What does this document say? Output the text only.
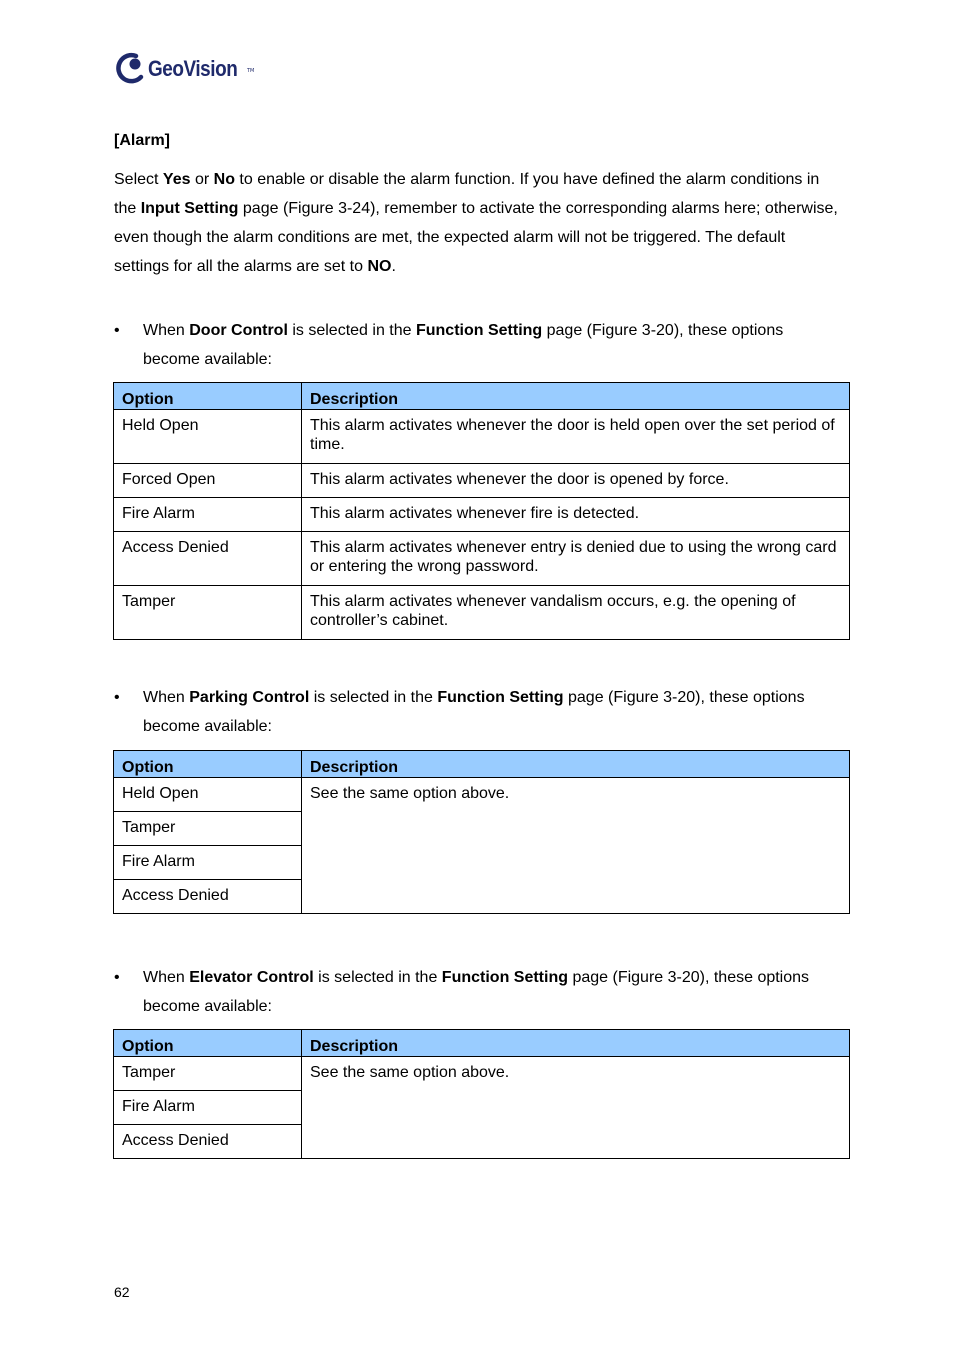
GeoVision TM
[Alarm]
Select Yes or No to enable or disable the alarm function. If you have defined the alarm conditions in the Input Setting page (Figure 3-24), remember to activate the corresponding alarms here; otherwise, even though the alarm conditions are met, the expected alarm will not be triggered. The default settings for all the alarms are set to NO.
• When Door Control is selected in the Function Setting page (Figure 3-20), these options become available:
Option	Description
Held Open	This alarm activates whenever the door is held open over the set period of time.
Forced Open	This alarm activates whenever the door is opened by force.
Fire Alarm	This alarm activates whenever fire is detected.
Access Denied	This alarm activates whenever entry is denied due to using the wrong card or entering the wrong password.
Tamper	This alarm activates whenever vandalism occurs, e.g. the opening of controller’s cabinet.
• When Parking Control is selected in the Function Setting page (Figure 3-20), these options become available:
Option	Description
Held Open	See the same option above.
Tamper	
Fire Alarm	
Access Denied	
• When Elevator Control is selected in the Function Setting page (Figure 3-20), these options become available:
Option	Description
Tamper	See the same option above.
Fire Alarm	
Access Denied	
62
